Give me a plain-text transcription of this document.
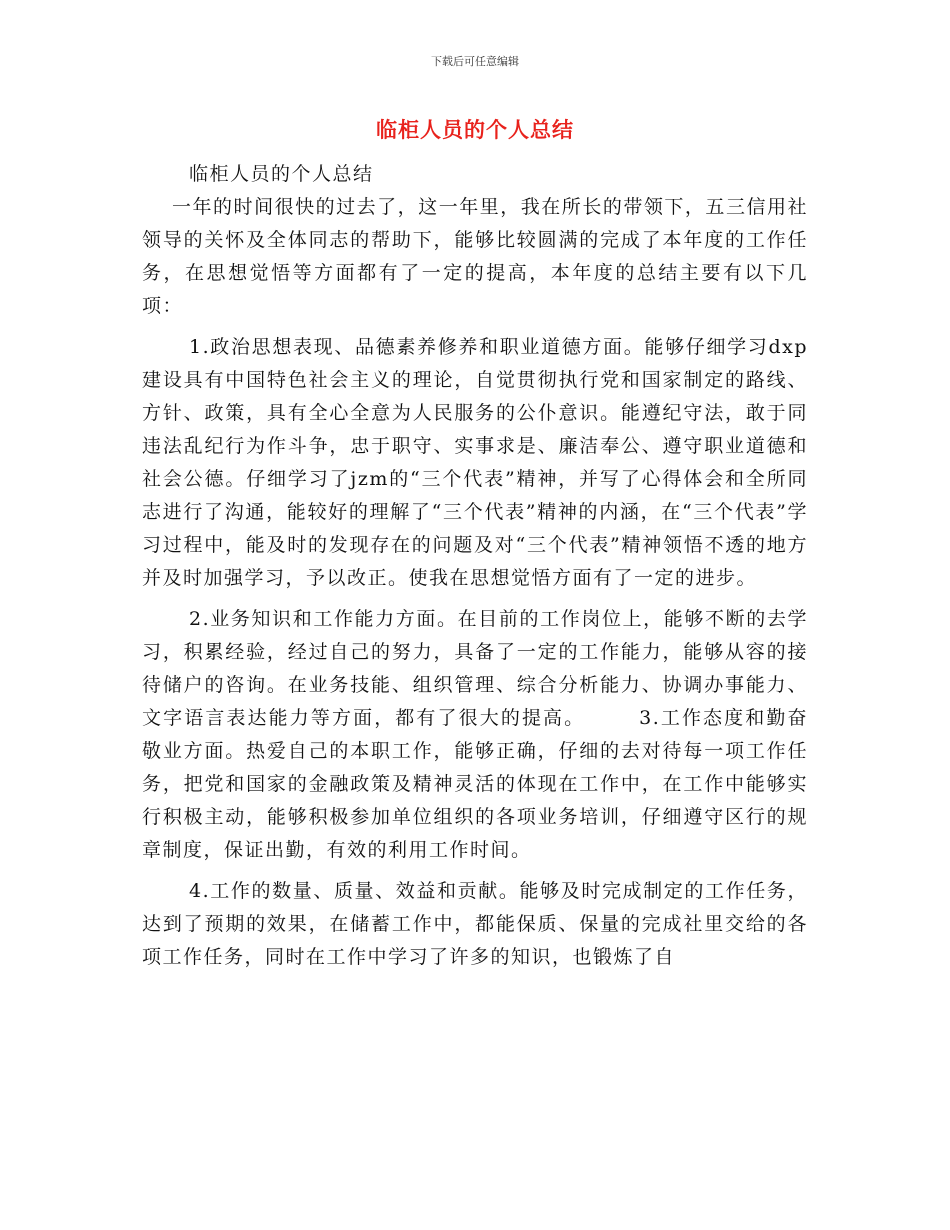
下载后可任意编辑
临柜人员的个人总结

临柜人员的个人总结

一年的时间很快的过去了，这一年里，我在所长的带领下，五三信用社领导的关怀及全体同志的帮助下，能够比较圆满的完成了本年度的工作任务，在思想觉悟等方面都有了一定的提高，本年度的总结主要有以下几项：

1.政治思想表现、品德素养修养和职业道德方面。能够仔细学习dxp建设具有中国特色社会主义的理论，自觉贯彻执行党和国家制定的路线、方针、政策，具有全心全意为人民服务的公仆意识。能遵纪守法，敢于同违法乱纪行为作斗争，忠于职守、实事求是、廉洁奉公、遵守职业道德和社会公德。仔细学习了jzm的“三个代表”精神，并写了心得体会和全所同志进行了沟通，能较好的理解了“三个代表”精神的内涵，在“三个代表”学习过程中，能及时的发现存在的问题及对“三个代表”精神领悟不透的地方并及时加强学习，予以改正。使我在思想觉悟方面有了一定的进步。

2.业务知识和工作能力方面。在目前的工作岗位上，能够不断的去学习，积累经验，经过自己的努力，具备了一定的工作能力，能够从容的接待储户的咨询。在业务技能、组织管理、综合分析能力、协调办事能力、文字语言表达能力等方面，都有了很大的提高。　　　3.工作态度和勤奋敬业方面。热爱自己的本职工作，能够正确，仔细的去对待每一项工作任务，把党和国家的金融政策及精神灵活的体现在工作中，在工作中能够实行积极主动，能够积极参加单位组织的各项业务培训，仔细遵守区行的规章制度，保证出勤，有效的利用工作时间。

4.工作的数量、质量、效益和贡献。能够及时完成制定的工作任务，达到了预期的效果，在储蓄工作中，都能保质、保量的完成社里交给的各项工作任务，同时在工作中学习了许多的知识，也锻炼了自
